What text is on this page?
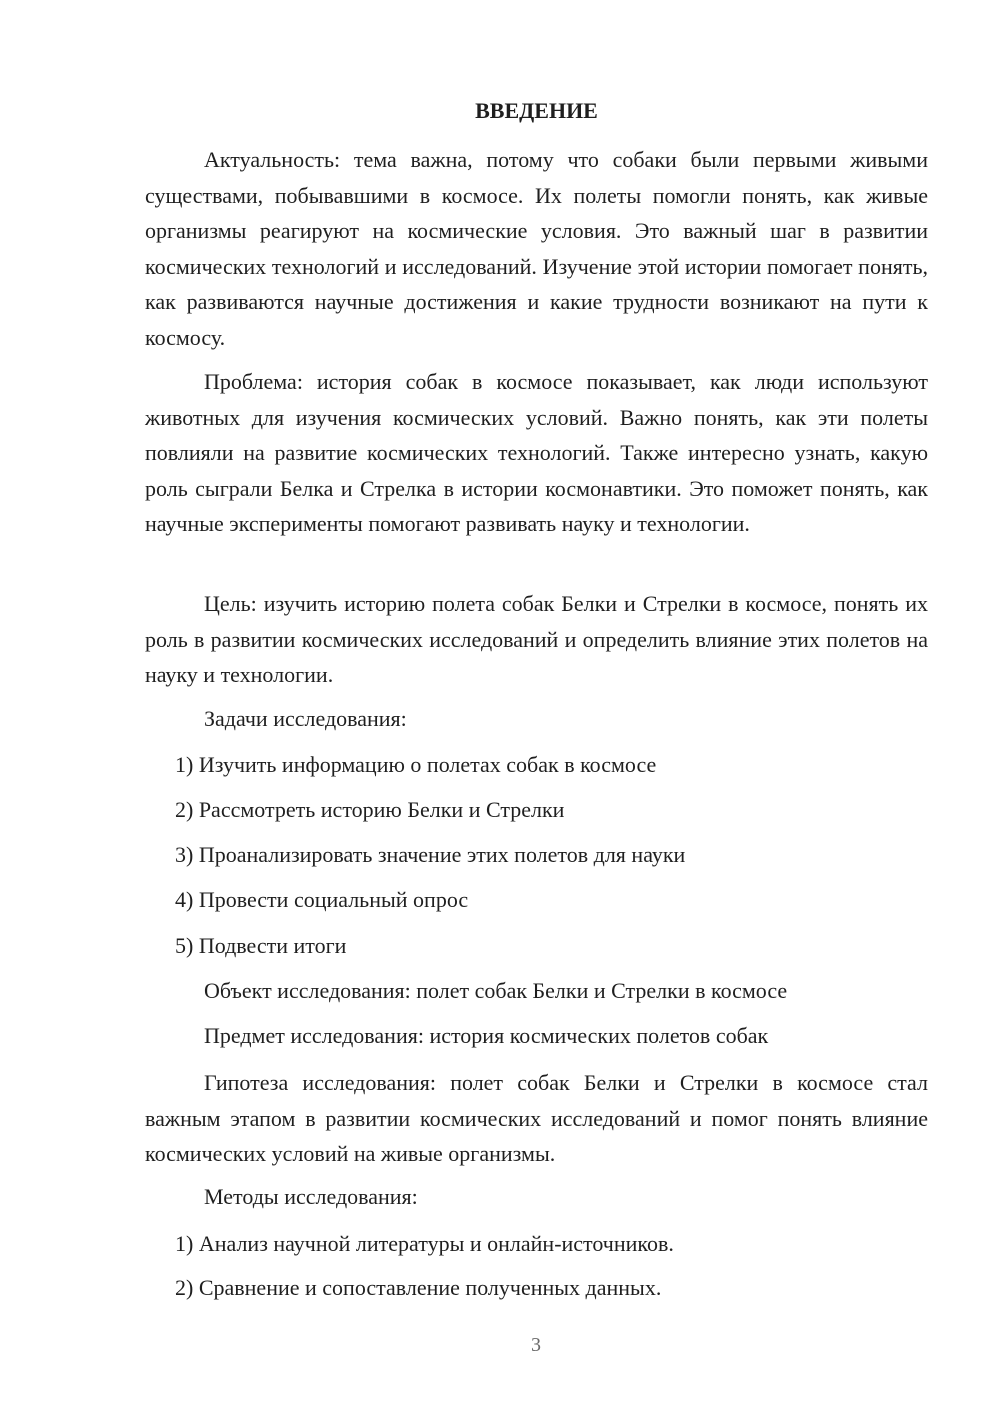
ВВЕДЕНИЕ

Актуальность: тема важна, потому что собаки были первыми живыми существами, побывавшими в космосе. Их полеты помогли понять, как живые организмы реагируют на космические условия. Это важный шаг в развитии космических технологий и исследований. Изучение этой истории помогает понять, как развиваются научные достижения и какие трудности возникают на пути к космосу.

Проблема: история собак в космосе показывает, как люди используют животных для изучения космических условий. Важно понять, как эти полеты повлияли на развитие космических технологий. Также интересно узнать, какую роль сыграли Белка и Стрелка в истории космонавтики. Это поможет понять, как научные эксперименты помогают развивать науку и технологии.

Цель: изучить историю полета собак Белки и Стрелки в космосе, понять их роль в развитии космических исследований и определить влияние этих полетов на науку и технологии.

Задачи исследования:

1) Изучить информацию о полетах собак в космосе

2) Рассмотреть историю Белки и Стрелки

3) Проанализировать значение этих полетов для науки

4) Провести социальный опрос

5) Подвести итоги

Объект исследования: полет собак Белки и Стрелки в космосе

Предмет исследования: история космических полетов собак

Гипотеза исследования: полет собак Белки и Стрелки в космосе стал важным этапом в развитии космических исследований и помог понять влияние космических условий на живые организмы.

Методы исследования:

1) Анализ научной литературы и онлайн-источников.

2) Сравнение и сопоставление полученных данных.

3
